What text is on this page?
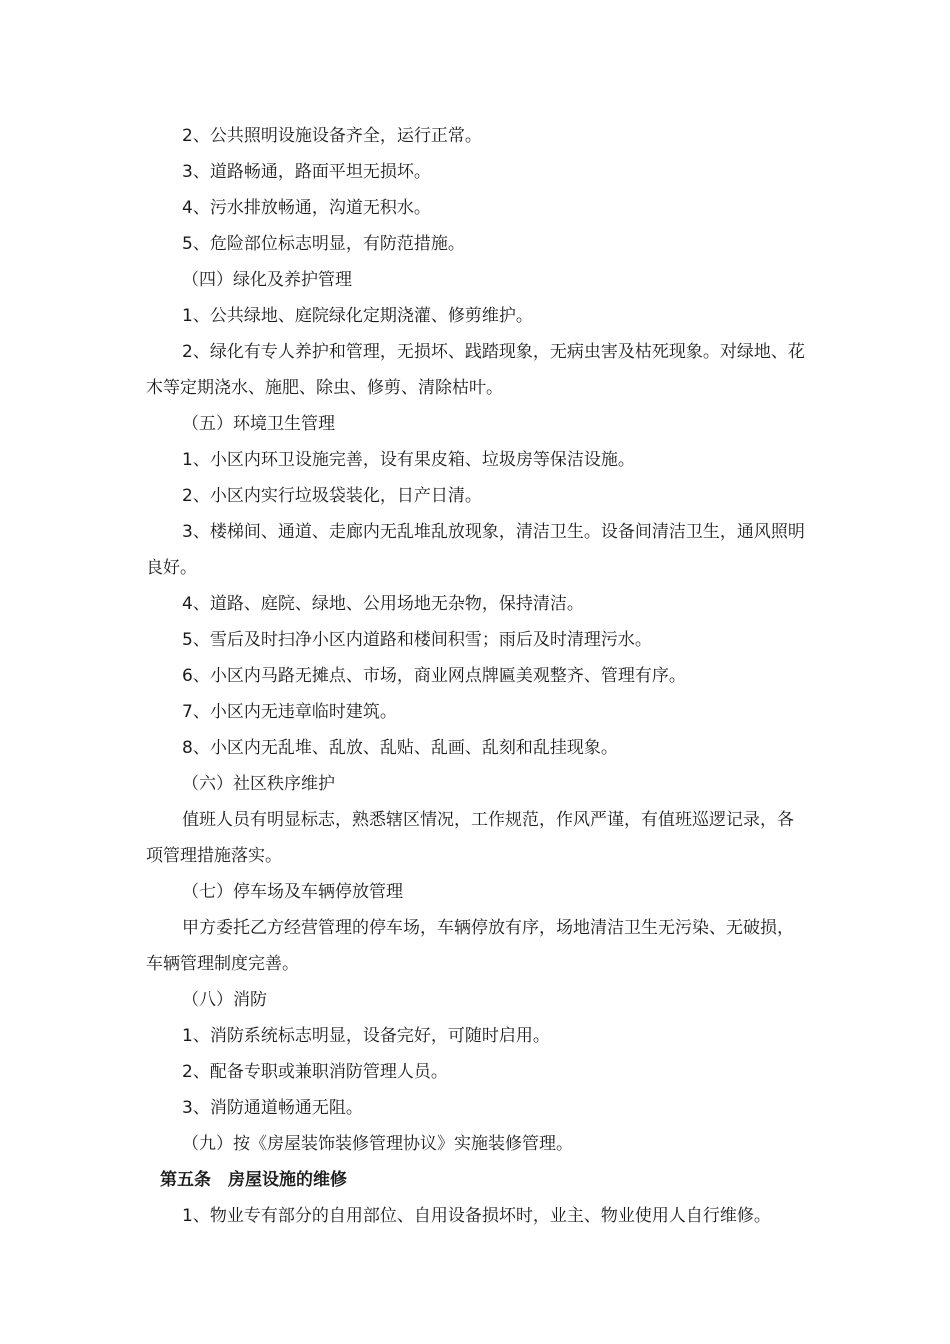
2、公共照明设施设备齐全，运行正常。

3、道路畅通，路面平坦无损坏。

4、污水排放畅通，沟道无积水。

5、危险部位标志明显，有防范措施。

（四）绿化及养护管理

1、公共绿地、庭院绿化定期浇灌、修剪维护。

2、绿化有专人养护和管理，无损坏、践踏现象，无病虫害及枯死现象。对绿地、花木等定期浇水、施肥、除虫、修剪、清除枯叶。

（五）环境卫生管理

1、小区内环卫设施完善，设有果皮箱、垃圾房等保洁设施。

2、小区内实行垃圾袋装化，日产日清。

3、楼梯间、通道、走廊内无乱堆乱放现象，清洁卫生。设备间清洁卫生，通风照明良好。

4、道路、庭院、绿地、公用场地无杂物，保持清洁。

5、雪后及时扫净小区内道路和楼间积雪；雨后及时清理污水。

6、小区内马路无摊点、市场，商业网点牌匾美观整齐、管理有序。

7、小区内无违章临时建筑。

8、小区内无乱堆、乱放、乱贴、乱画、乱刻和乱挂现象。

（六）社区秩序维护

值班人员有明显标志，熟悉辖区情况，工作规范，作风严谨，有值班巡逻记录，各项管理措施落实。

（七）停车场及车辆停放管理

甲方委托乙方经营管理的停车场，车辆停放有序，场地清洁卫生无污染、无破损，车辆管理制度完善。

（八）消防

1、消防系统标志明显，设备完好，可随时启用。

2、配备专职或兼职消防管理人员。

3、消防通道畅通无阻。

（九）按《房屋装饰装修管理协议》实施装修管理。

第五条　房屋设施的维修

1、物业专有部分的自用部位、自用设备损坏时，业主、物业使用人自行维修。
